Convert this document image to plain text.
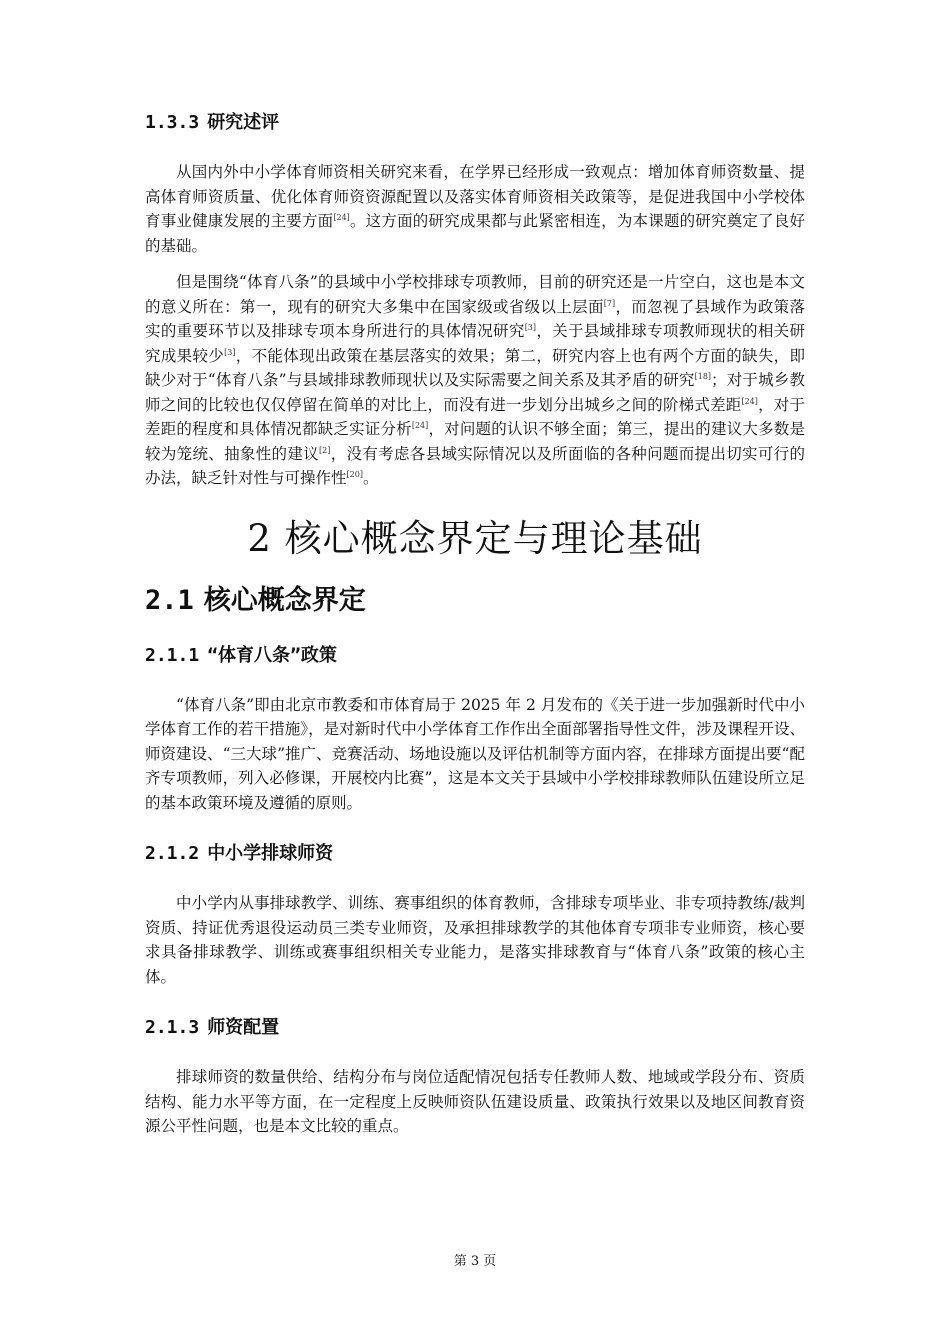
1.3.3 研究述评

从国内外中小学体育师资相关研究来看，在学界已经形成一致观点：增加体育师资数量、提高体育师资质量、优化体育师资资源配置以及落实体育师资相关政策等，是促进我国中小学校体育事业健康发展的主要方面[24]。这方面的研究成果都与此紧密相连，为本课题的研究奠定了良好的基础。

但是围绕“体育八条”的县域中小学校排球专项教师，目前的研究还是一片空白，这也是本文的意义所在：第一，现有的研究大多集中在国家级或省级以上层面[7]，而忽视了县域作为政策落实的重要环节以及排球专项本身所进行的具体情况研究[3]，关于县域排球专项教师现状的相关研究成果较少[3]，不能体现出政策在基层落实的效果；第二，研究内容上也有两个方面的缺失，即缺少对于“体育八条”与县域排球教师现状以及实际需要之间关系及其矛盾的研究[18]；对于城乡教师之间的比较也仅仅停留在简单的对比上，而没有进一步划分出城乡之间的阶梯式差距[24]，对于差距的程度和具体情况都缺乏实证分析[24]，对问题的认识不够全面；第三，提出的建议大多数是较为笼统、抽象性的建议[2]，没有考虑各县域实际情况以及所面临的各种问题而提出切实可行的办法，缺乏针对性与可操作性[20]。

2 核心概念界定与理论基础
2.1 核心概念界定
2.1.1 “体育八条”政策

“体育八条”即由北京市教委和市体育局于 2025 年 2 月发布的《关于进一步加强新时代中小学体育工作的若干措施》，是对新时代中小学体育工作作出全面部署指导性文件，涉及课程开设、师资建设、“三大球”推广、竞赛活动、场地设施以及评估机制等方面内容，在排球方面提出要“配齐专项教师，列入必修课，开展校内比赛”，这是本文关于县域中小学校排球教师队伍建设所立足的基本政策环境及遵循的原则。

2.1.2 中小学排球师资

中小学内从事排球教学、训练、赛事组织的体育教师，含排球专项毕业、非专项持教练/裁判资质、持证优秀退役运动员三类专业师资，及承担排球教学的其他体育专项非专业师资，核心要求具备排球教学、训练或赛事组织相关专业能力，是落实排球教育与“体育八条”政策的核心主体。

2.1.3 师资配置

排球师资的数量供给、结构分布与岗位适配情况包括专任教师人数、地域或学段分布、资质结构、能力水平等方面，在一定程度上反映师资队伍建设质量、政策执行效果以及地区间教育资源公平性问题，也是本文比较的重点。

第 3 页
